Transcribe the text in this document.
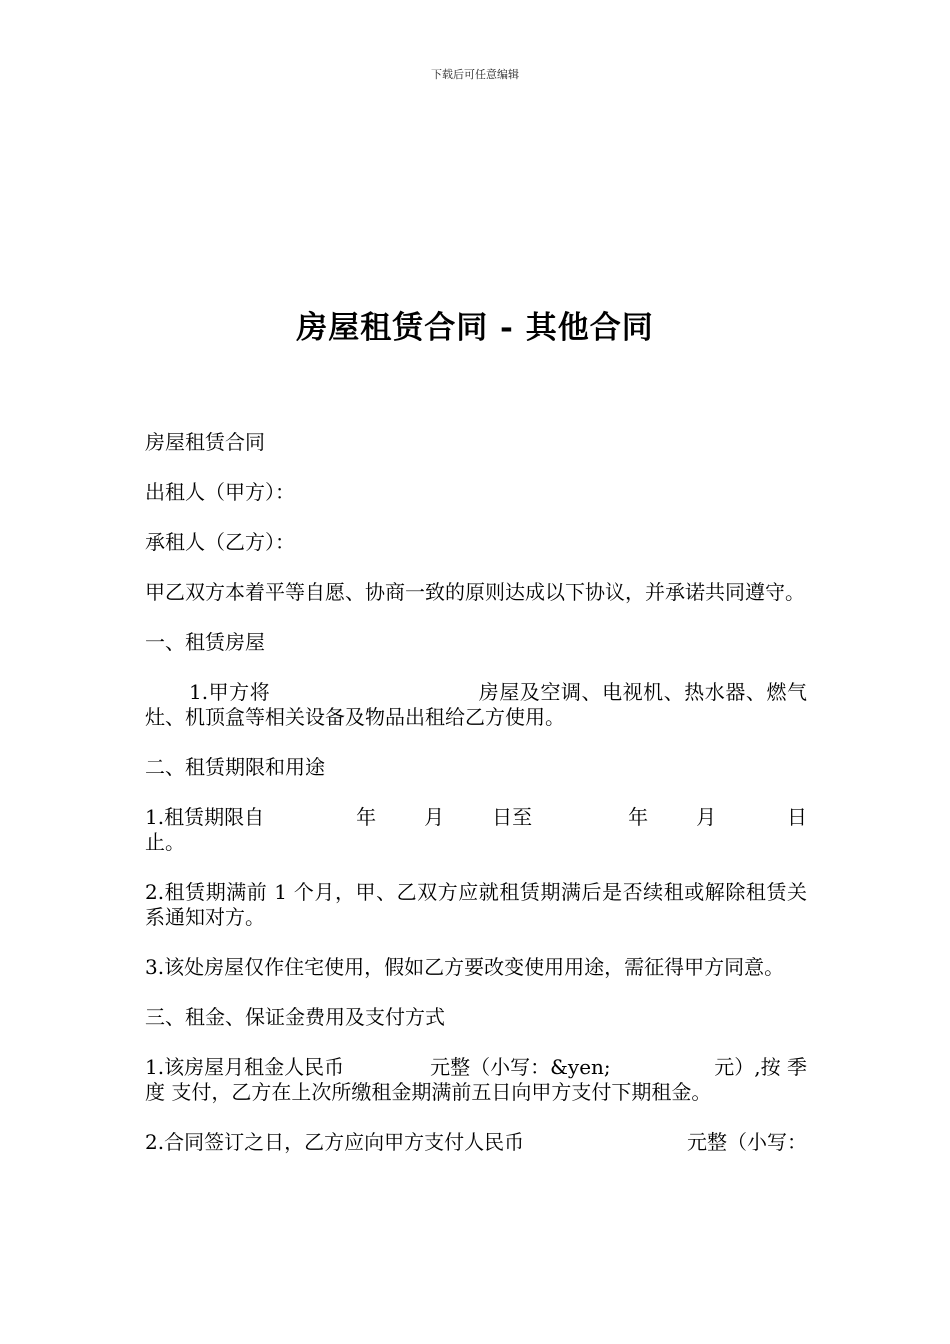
下载后可任意编辑
房屋租赁合同 - 其他合同

房屋租赁合同

出租人（甲方）：

承租人（乙方）：

甲乙双方本着平等自愿、协商一致的原则达成以下协议，并承诺共同遵守。

一、租赁房屋

1.甲方将	房屋及空调、电视机、热水器、燃气灶、机顶盒等相关设备及物品出租给乙方使用。

二、租赁期限和用途

1.租赁期限自	年 月 日至	年 月	日
止。

2.租赁期满前 1 个月，甲、乙双方应就租赁期满后是否续租或解除租赁关系通知对方。

3.该处房屋仅作住宅使用，假如乙方要改变使用用途，需征得甲方同意。

三、租金、保证金费用及支付方式

1.该房屋月租金人民币	元整（小写：&yen;	元）,按 季
度 支付，乙方在上次所缴租金期满前五日向甲方支付下期租金。

2.合同签订之日，乙方应向甲方支付人民币	元整（小写：
